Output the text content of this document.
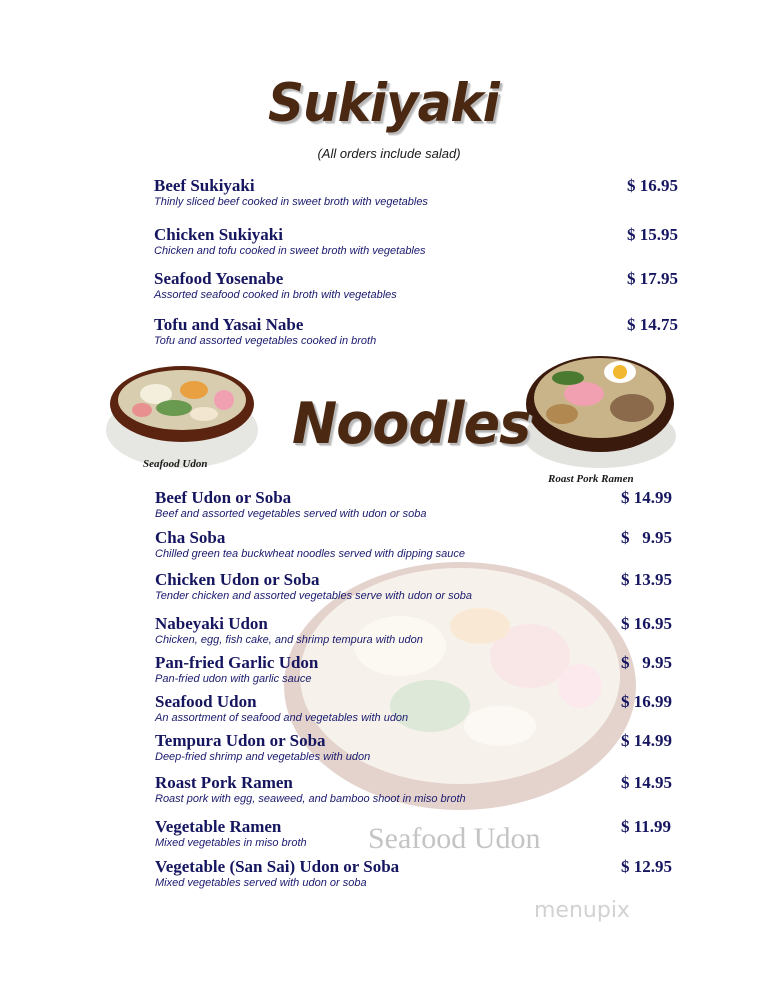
Seafood Udon
Sukiyaki
(All orders include salad)
Beef Sukiyaki
Thinly sliced beef cooked in sweet broth with vegetables
$ 16.95
Chicken Sukiyaki
Chicken and tofu cooked in sweet broth with vegetables
$ 15.95
Seafood Yosenabe
Assorted seafood cooked in broth with vegetables
$ 17.95
Tofu and Yasai Nabe
Tofu and assorted vegetables cooked in broth
$ 14.75
Seafood Udon
Roast Pork Ramen
Noodles
Beef Udon or Soba
Beef and assorted vegetables served with udon or soba
$ 14.99
Cha Soba
Chilled green tea buckwheat noodles served with dipping sauce
$   9.95
Chicken Udon or Soba
Tender chicken and assorted vegetables serve with udon or soba
$ 13.95
Nabeyaki Udon
Chicken, egg, fish cake, and shrimp tempura with udon
$ 16.95
Pan-fried Garlic Udon
Pan-fried udon with garlic sauce
$   9.95
Seafood Udon
An assortment of seafood and vegetables with udon
$ 16.99
Tempura Udon or Soba
Deep-fried shrimp and vegetables with udon
$ 14.99
Roast Pork Ramen
Roast pork with egg, seaweed, and bamboo shoot in miso broth
$ 14.95
Vegetable Ramen
Mixed vegetables in miso broth
$ 11.99
Vegetable (San Sai) Udon or Soba
Mixed vegetables served with udon or soba
$ 12.95
menupix
